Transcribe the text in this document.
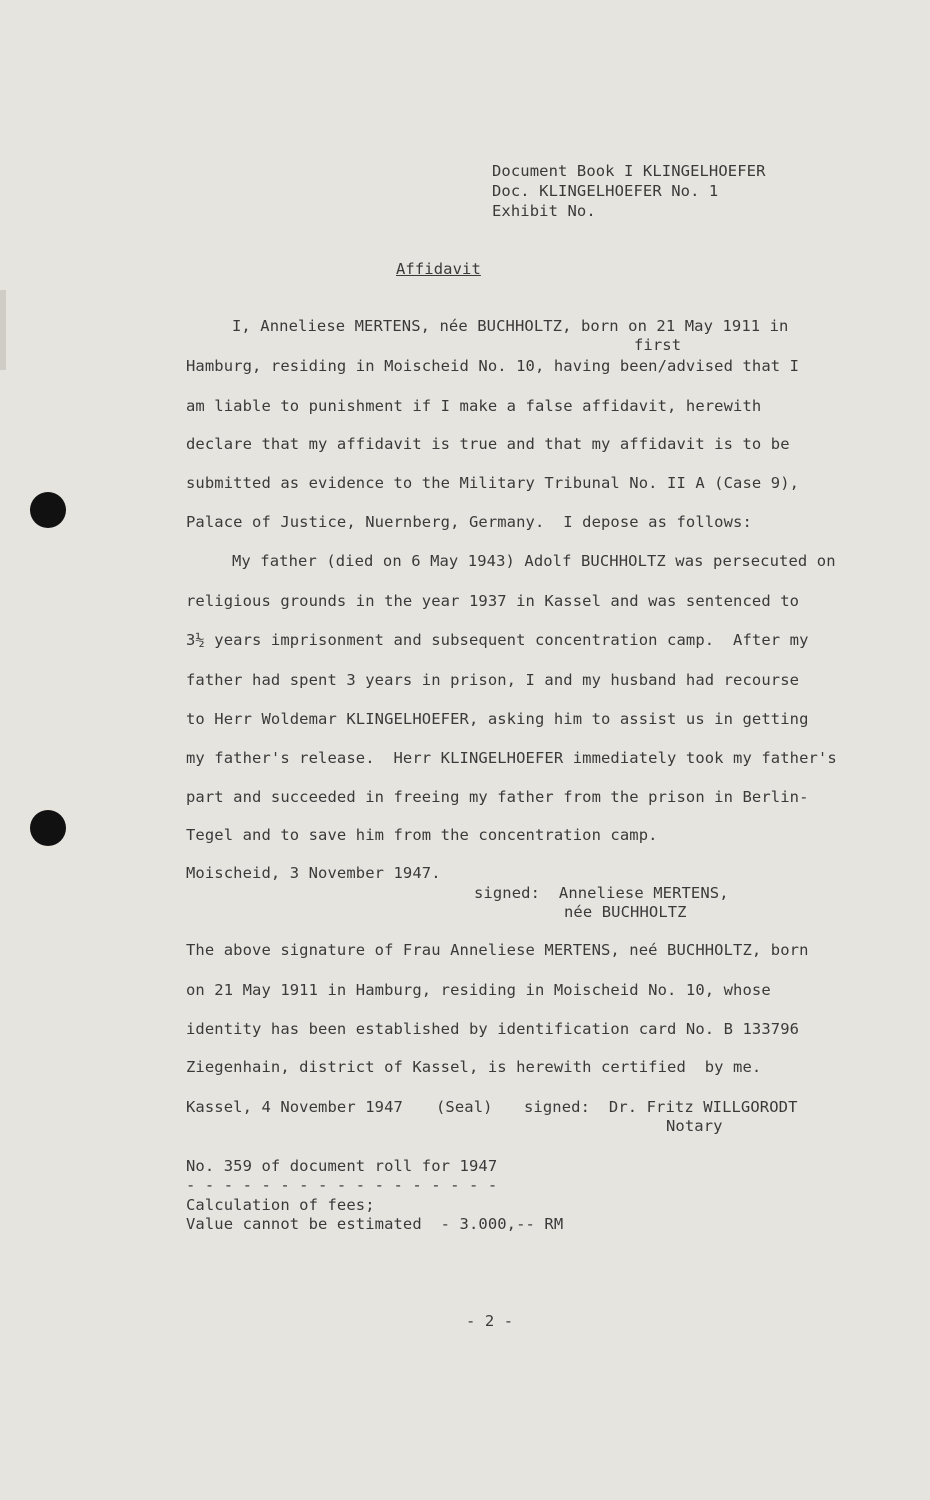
Document Book I KLINGELHOEFER
Doc. KLINGELHOEFER No. 1
Exhibit No.
Affidavit
I, Anneliese MERTENS, née BUCHHOLTZ, born on 21 May 1911 in
first
Hamburg, residing in Moischeid No. 10, having been/advised that I
am liable to punishment if I make a false affidavit, herewith
declare that my affidavit is true and that my affidavit is to be
submitted as evidence to the Military Tribunal No. II A (Case 9),
Palace of Justice, Nuernberg, Germany.  I depose as follows:
My father (died on 6 May 1943) Adolf BUCHHOLTZ was persecuted on
religious grounds in the year 1937 in Kassel and was sentenced to
3½ years imprisonment and subsequent concentration camp.  After my
father had spent 3 years in prison, I and my husband had recourse
to Herr Woldemar KLINGELHOEFER, asking him to assist us in getting
my father's release.  Herr KLINGELHOEFER immediately took my father's
part and succeeded in freeing my father from the prison in Berlin-
Tegel and to save him from the concentration camp.
Moischeid, 3 November 1947.
signed:  Anneliese MERTENS,
née BUCHHOLTZ
The above signature of Frau Anneliese MERTENS, neé BUCHHOLTZ, born
on 21 May 1911 in Hamburg, residing in Moischeid No. 10, whose
identity has been established by identification card No. B 133796
Ziegenhain, district of Kassel, is herewith certified  by me.
Kassel, 4 November 1947 (Seal) signed:  Dr. Fritz WILLGORODT
Notary
No. 359 of document roll for 1947
- - - - - - - - - - - - - - - - -
Calculation of fees;
Value cannot be estimated  - 3.000,-- RM
- 2 -
